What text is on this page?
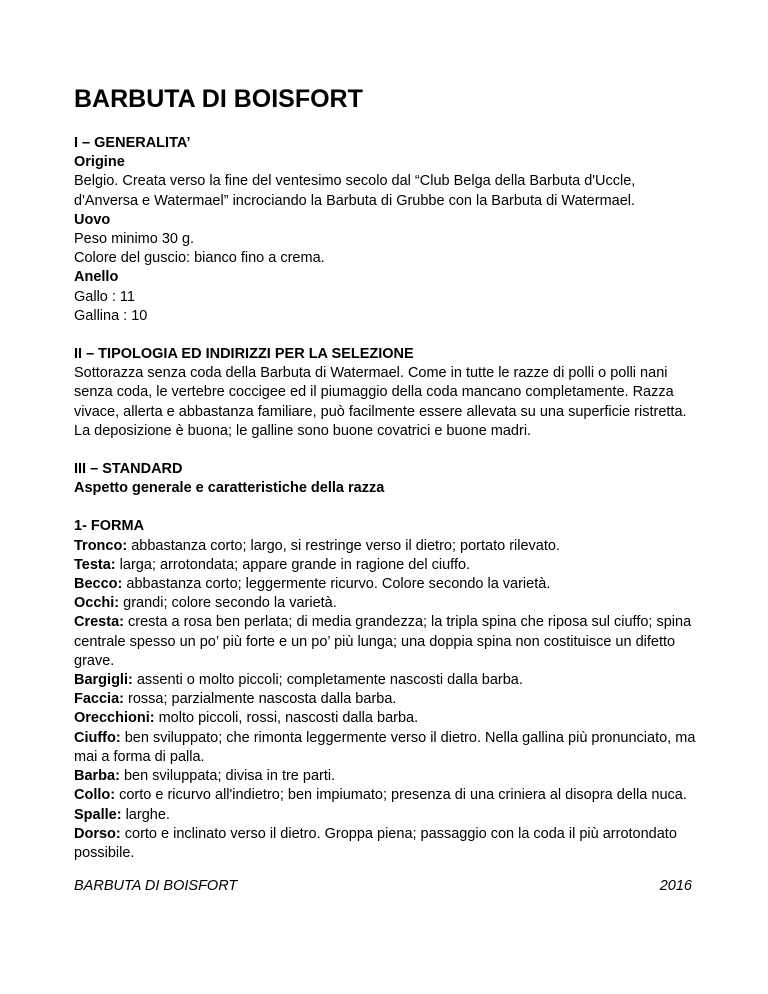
BARBUTA DI BOISFORT

I – GENERALITA’

Origine

Belgio. Creata verso la fine del ventesimo secolo dal “Club Belga della Barbuta d'Uccle, d'Anversa e Watermael” incrociando la Barbuta di Grubbe con la Barbuta di Watermael.

Uovo

Peso minimo 30 g.

Colore del guscio: bianco fino a crema.

Anello

Gallo : 11

Gallina : 10

II – TIPOLOGIA ED INDIRIZZI PER LA SELEZIONE

Sottorazza senza coda della Barbuta di Watermael. Come in tutte le razze di polli o polli nani senza coda, le vertebre coccigee ed il piumaggio della coda mancano completamente. Razza vivace, allerta e abbastanza familiare, può facilmente essere allevata su una superficie ristretta. La deposizione è buona; le galline sono buone covatrici e buone madri.

III – STANDARD

Aspetto generale e caratteristiche della razza

1- FORMA

Tronco: abbastanza corto; largo, si restringe verso il dietro; portato rilevato.

Testa: larga; arrotondata; appare grande in ragione del ciuffo.

Becco: abbastanza corto; leggermente ricurvo. Colore secondo la varietà.

Occhi: grandi; colore secondo la varietà.

Cresta: cresta a rosa ben perlata; di media grandezza; la tripla spina che riposa sul ciuffo; spina centrale spesso un po’ più forte e un po’ più lunga; una doppia spina non costituisce un difetto grave.

Bargigli: assenti o molto piccoli; completamente nascosti dalla barba.

Faccia: rossa; parzialmente nascosta dalla barba.

Orecchioni: molto piccoli, rossi, nascosti dalla barba.

Ciuffo: ben sviluppato; che rimonta leggermente verso il dietro. Nella gallina più pronunciato, ma mai a forma di palla.

Barba: ben sviluppata; divisa in tre parti.

Collo: corto e ricurvo all'indietro; ben impiumato; presenza di una criniera al disopra della nuca.

Spalle: larghe.

Dorso: corto e inclinato verso il dietro. Groppa piena; passaggio con la coda il più arrotondato possibile.

BARBUTA DI BOISFORT	2016
